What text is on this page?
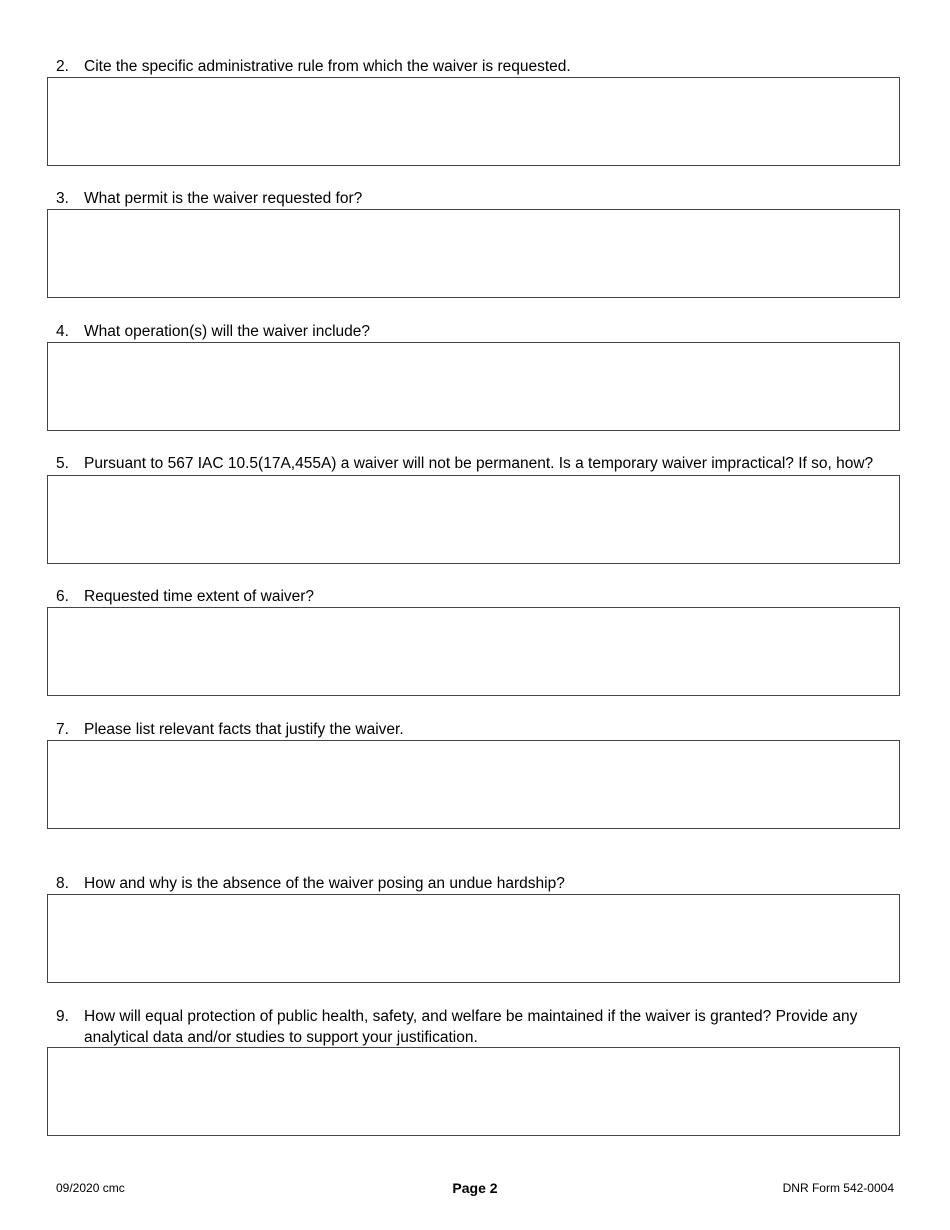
2. Cite the specific administrative rule from which the waiver is requested.
3. What permit is the waiver requested for?
4. What operation(s) will the waiver include?
5. Pursuant to 567 IAC 10.5(17A,455A) a waiver will not be permanent. Is a temporary waiver impractical? If so, how?
6. Requested time extent of waiver?
7. Please list relevant facts that justify the waiver.
8. How and why is the absence of the waiver posing an undue hardship?
9. How will equal protection of public health, safety, and welfare be maintained if the waiver is granted? Provide any analytical data and/or studies to support your justification.
09/2020 cmc	Page 2	DNR Form 542-0004
